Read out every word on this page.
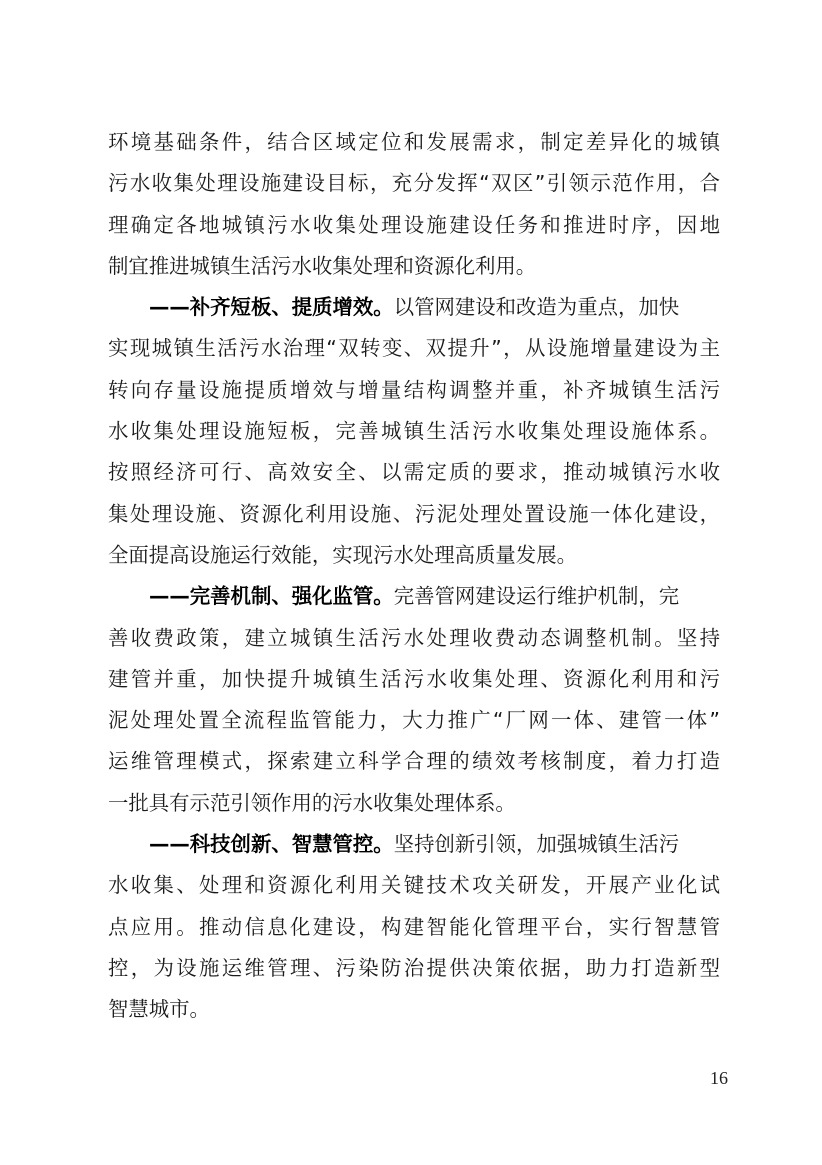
环境基础条件，结合区域定位和发展需求，制定差异化的城镇
污水收集处理设施建设目标，充分发挥“双区”引领示范作用，合
理确定各地城镇污水收集处理设施建设任务和推进时序，因地
制宜推进城镇生活污水收集处理和资源化利用。
——补齐短板、提质增效。以管网建设和改造为重点，加快
实现城镇生活污水治理“双转变、双提升”，从设施增量建设为主
转向存量设施提质增效与增量结构调整并重，补齐城镇生活污
水收集处理设施短板，完善城镇生活污水收集处理设施体系。
按照经济可行、高效安全、以需定质的要求，推动城镇污水收
集处理设施、资源化利用设施、污泥处理处置设施一体化建设，
全面提高设施运行效能，实现污水处理高质量发展。
——完善机制、强化监管。完善管网建设运行维护机制，完
善收费政策，建立城镇生活污水处理收费动态调整机制。坚持
建管并重，加快提升城镇生活污水收集处理、资源化利用和污
泥处理处置全流程监管能力，大力推广“厂网一体、建管一体”
运维管理模式，探索建立科学合理的绩效考核制度，着力打造
一批具有示范引领作用的污水收集处理体系。
——科技创新、智慧管控。坚持创新引领，加强城镇生活污
水收集、处理和资源化利用关键技术攻关研发，开展产业化试
点应用。推动信息化建设，构建智能化管理平台，实行智慧管
控，为设施运维管理、污染防治提供决策依据，助力打造新型
智慧城市。
16
